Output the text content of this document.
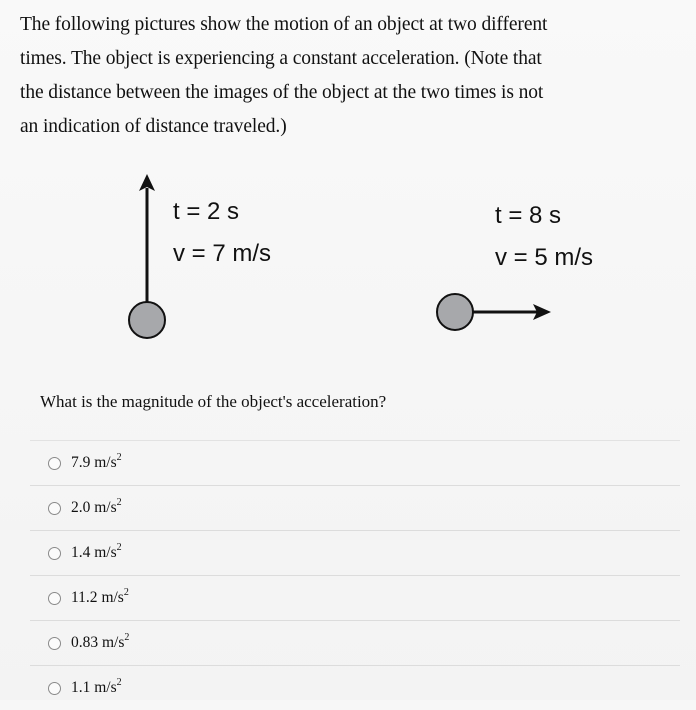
The following pictures show the motion of an object at two different
times. The object is experiencing a constant acceleration. (Note that
the distance between the images of the object at the two times is not
an indication of distance traveled.)
t = 2 s
v = 7 m/s
t = 8 s
v = 5 m/s
What is the magnitude of the object's acceleration?
7.9 $m/s^2$
2.0 $m/s^2$
1.4 $m/s^2$
11.2 $m/s^2$
0.83 $m/s^2$
1.1 $m/s^2$
